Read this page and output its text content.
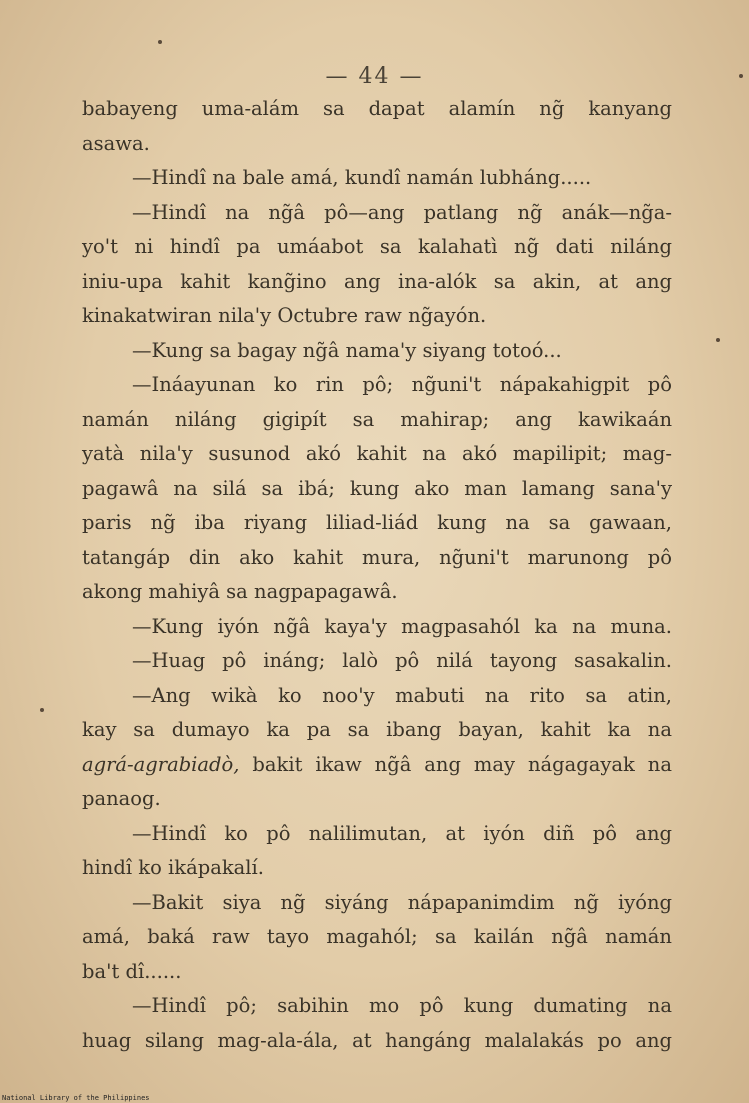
— 44 —
babayeng uma-alám sa dapat alamín ng̃ kanyang
asawa.
—Hindî na bale amá, kundî namán lubháng.....
—Hindî na ng̃â pô—ang patlang ng̃ anák—ng̃a-
yo't ni hindî pa umáabot sa kalahatì ng̃ dati niláng
iniu-upa kahit kang̃ino ang ina-alók sa akin, at ang
kinakatwiran nila'y Octubre raw ng̃ayón.
—Kung sa bagay ng̃â nama'y siyang totoó...
—Ináayunan ko rin pô; ng̃uni't nápakahigpit pô
namán niláng gigipít sa mahirap; ang kawikaán
yatà nila'y susunod akó kahit na akó mapilipit; mag-
pagawâ na silá sa ibá; kung ako man lamang sana'y
paris ng̃ iba riyang liliad-liád kung na sa gawaan,
tatangáp din ako kahit mura, ng̃uni't marunong pô
akong mahiyâ sa nagpapagawâ.
—Kung iyón ng̃â kaya'y magpasahól ka na muna.
—Huag pô ináng; lalò pô nilá tayong sasakalin.
—Ang wikà ko noo'y mabuti na rito sa atin,
kay sa dumayo ka pa sa ibang bayan, kahit ka na
agrá-agrabiadò, bakit ikaw ng̃â ang may nágagayak na
panaog.
—Hindî ko pô nalilimutan, at iyón diñ pô ang
hindî ko ikápakalí.
—Bakit siya ng̃ siyáng nápapanimdim ng̃ iyóng
amá, baká raw tayo magahól; sa kailán ng̃â namán
ba't dî......
—Hindî pô; sabihin mo pô kung dumating na
huag silang mag-ala-ála, at hangáng malalakás po ang
National Library of the Philippines
